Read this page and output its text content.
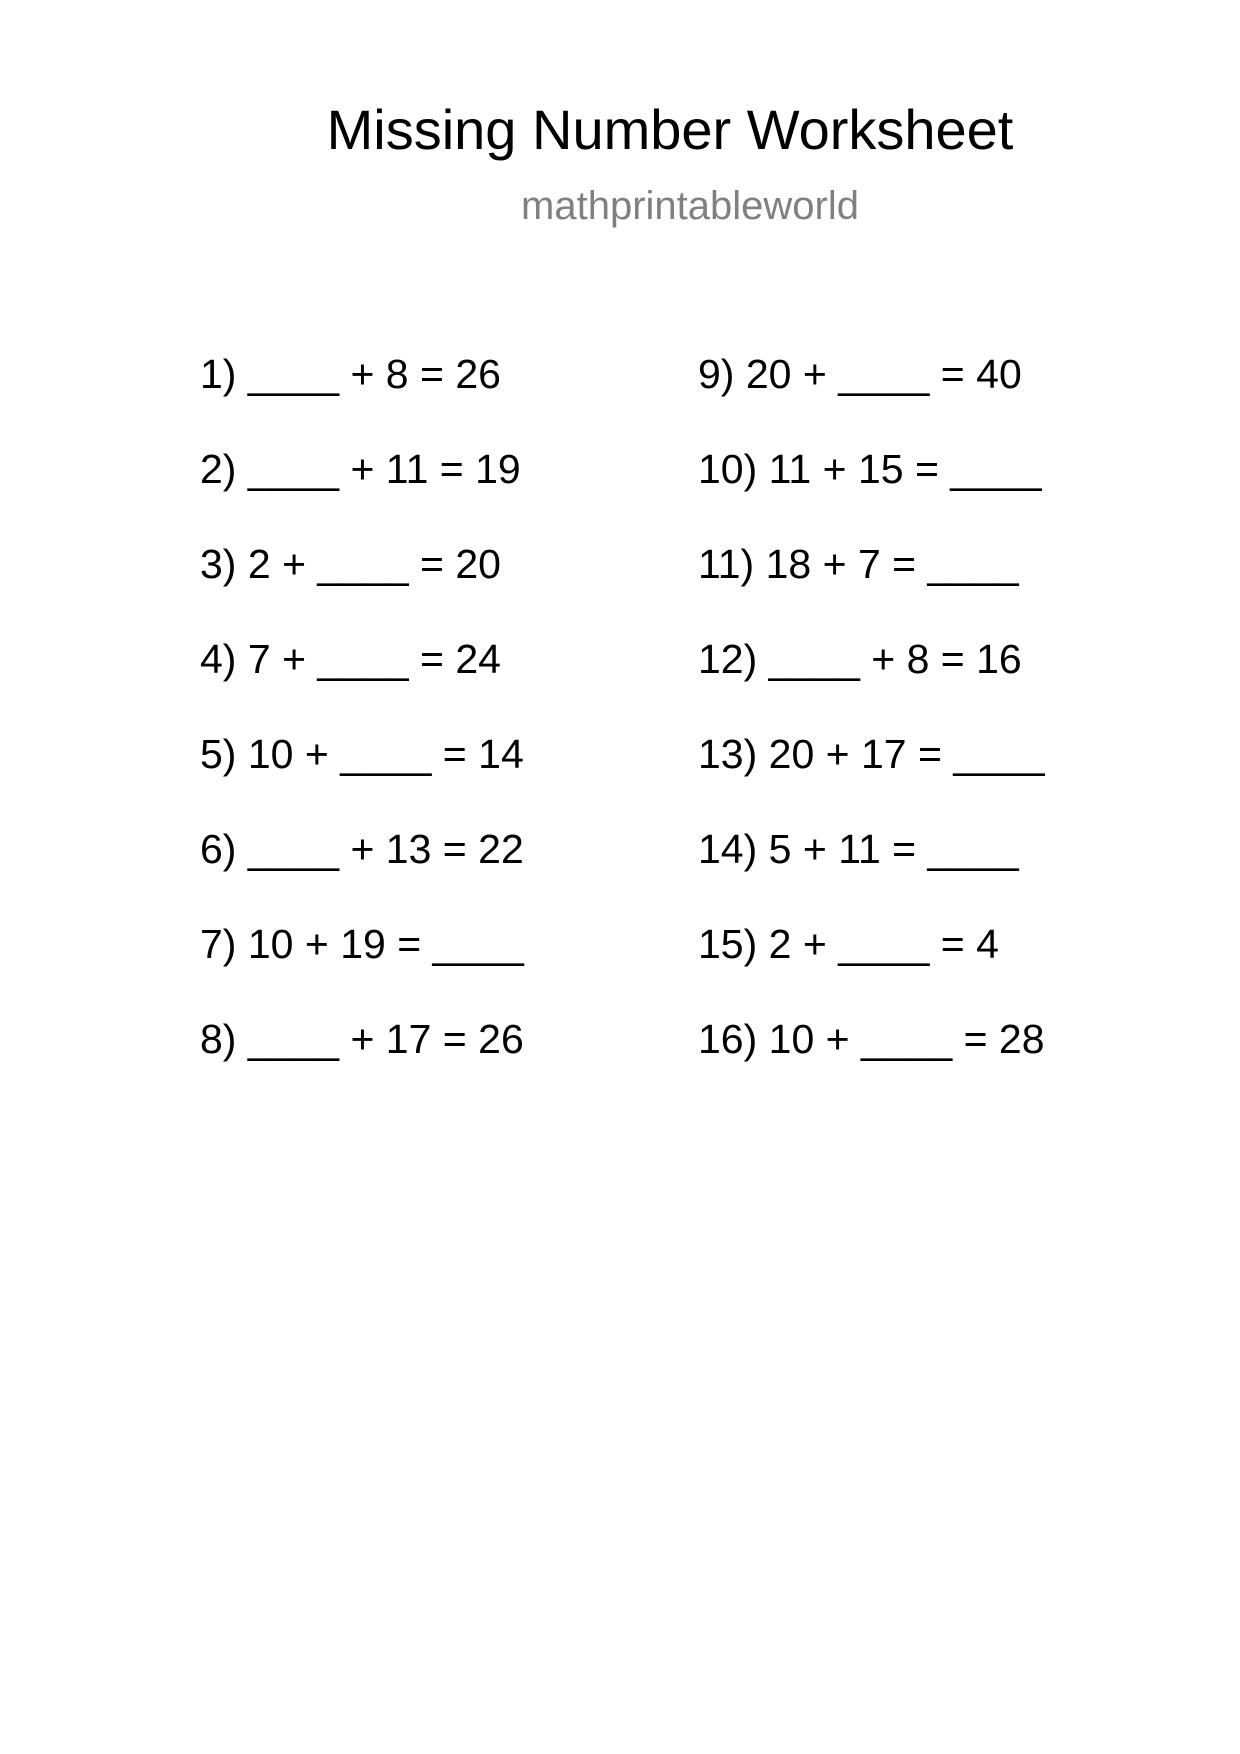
Missing Number Worksheet
mathprintableworld
1) ____ + 8 = 26
2) ____ + 11 = 19
3) 2 + ____ = 20
4) 7 + ____ = 24
5) 10 + ____ = 14
6) ____ + 13 = 22
7) 10 + 19 = ____
8) ____ + 17 = 26
9) 20 + ____ = 40
10) 11 + 15 = ____
11) 18 + 7 = ____
12) ____ + 8 = 16
13) 20 + 17 = ____
14) 5 + 11 = ____
15) 2 + ____ = 4
16) 10 + ____ = 28
